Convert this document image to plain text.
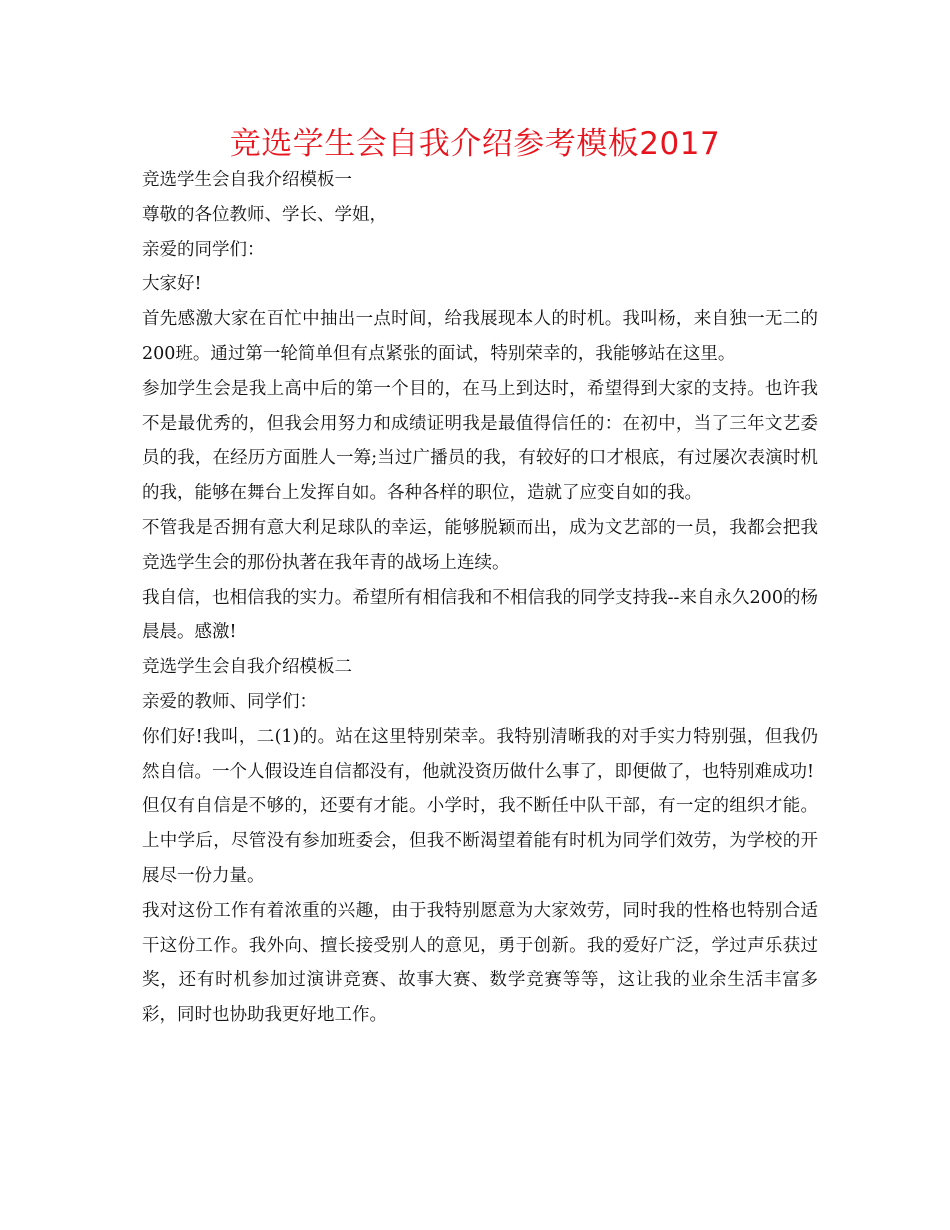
竞选学生会自我介绍参考模板2017

竞选学生会自我介绍模板一

尊敬的各位教师、学长、学姐，

亲爱的同学们：

大家好!

首先感激大家在百忙中抽出一点时间，给我展现本人的时机。我叫杨，来自独一无二的200班。通过第一轮简单但有点紧张的面试，特别荣幸的，我能够站在这里。

参加学生会是我上高中后的第一个目的，在马上到达时，希望得到大家的支持。也许我不是最优秀的，但我会用努力和成绩证明我是最值得信任的：在初中，当了三年文艺委员的我，在经历方面胜人一筹;当过广播员的我，有较好的口才根底，有过屡次表演时机的我，能够在舞台上发挥自如。各种各样的职位，造就了应变自如的我。

不管我是否拥有意大利足球队的幸运，能够脱颖而出，成为文艺部的一员，我都会把我竞选学生会的那份执著在我年青的战场上连续。

我自信，也相信我的实力。希望所有相信我和不相信我的同学支持我--来自永久200的杨晨晨。感激!

竞选学生会自我介绍模板二

亲爱的教师、同学们：

你们好!我叫，二(1)的。站在这里特别荣幸。我特别清晰我的对手实力特别强，但我仍然自信。一个人假设连自信都没有，他就没资历做什么事了，即便做了，也特别难成功!

但仅有自信是不够的，还要有才能。小学时，我不断任中队干部，有一定的组织才能。上中学后，尽管没有参加班委会，但我不断渴望着能有时机为同学们效劳，为学校的开展尽一份力量。

我对这份工作有着浓重的兴趣，由于我特别愿意为大家效劳，同时我的性格也特别合适干这份工作。我外向、擅长接受别人的意见，勇于创新。我的爱好广泛，学过声乐获过奖，还有时机参加过演讲竞赛、故事大赛、数学竞赛等等，这让我的业余生活丰富多彩，同时也协助我更好地工作。
